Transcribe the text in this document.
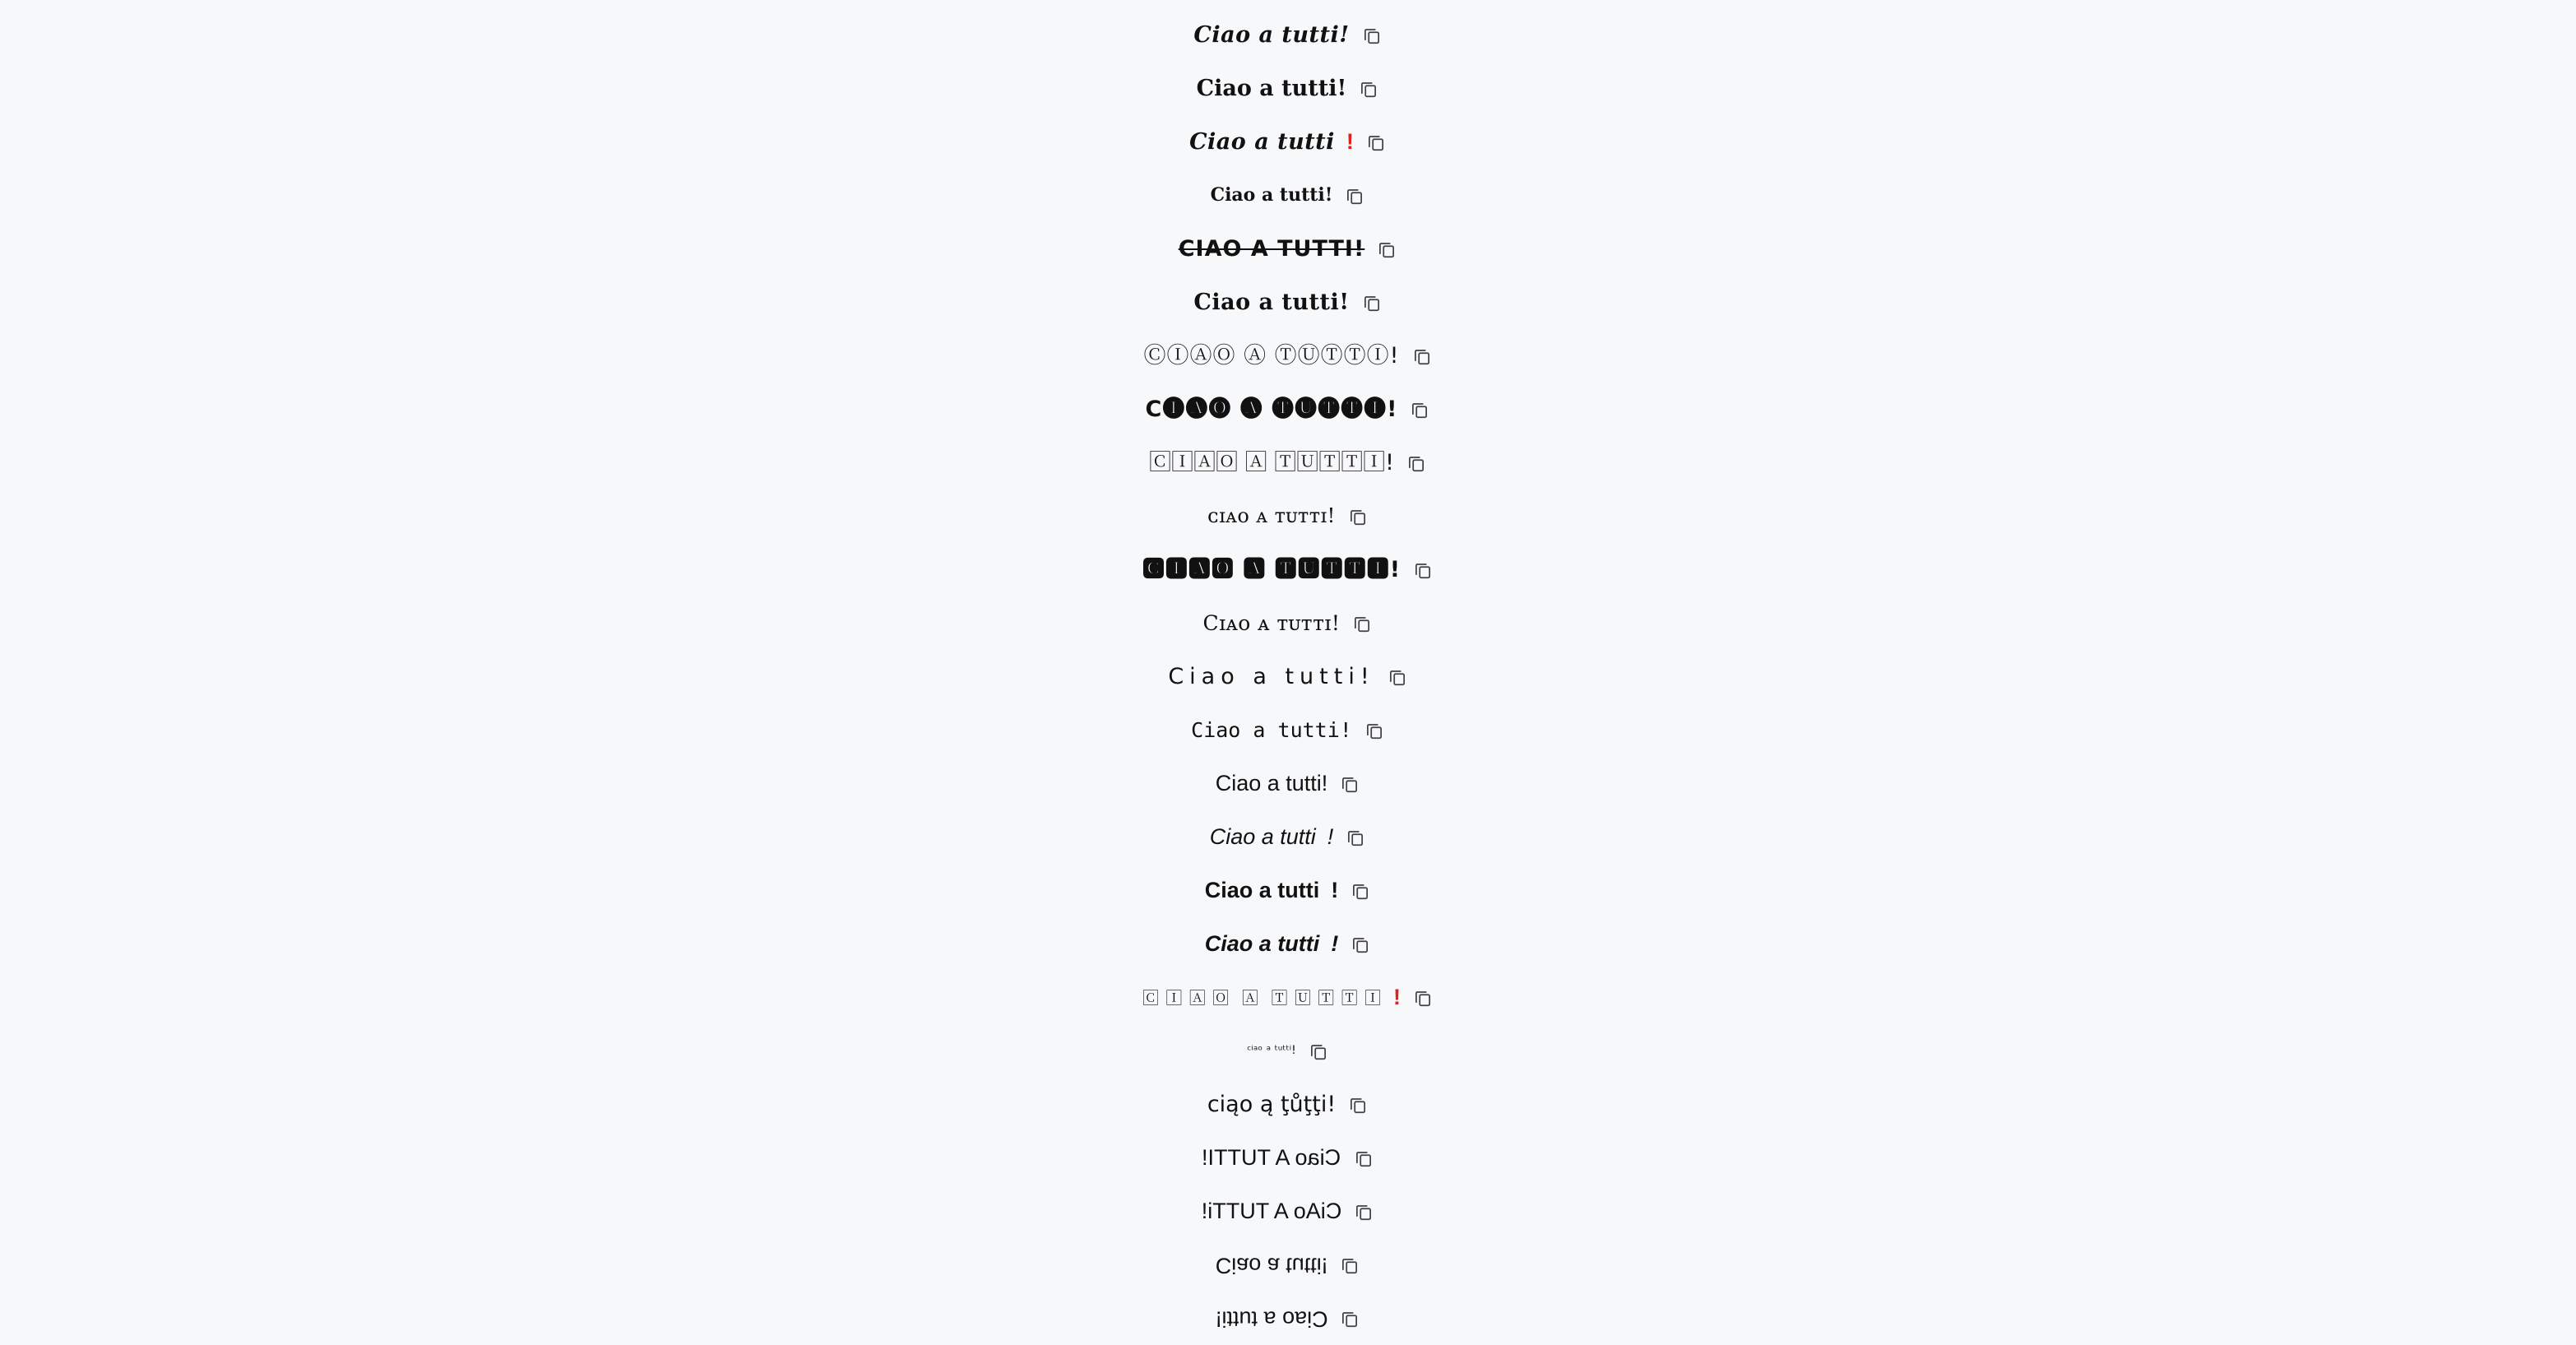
Ciao a tutti!
Ciao a tutti!
Ciao a tutti !
Ciao a tutti!
CIAO A TUTTI!
Ciao a tutti!
ⒸⒾⒶⓄ Ⓐ ⓉⓊⓉⓉⒾ!
C🅘🅐🅞 🅐 🅣🅤🅣🅣🅘!
🄲🄸🄰🄾 🄰 🅃🅄🅃🅃🄸!
ᴄɪᴀᴏ ᴀ ᴛᴜᴛᴛɪ!
🅲🅸🅰🅾 🅰 🆃🆄🆃🆃🅸!
Cɪᴀᴏ ᴀ ᴛᴜᴛᴛɪ!
Ciao a tutti!
Ciao a tutti!
Ciao a tutti!
Ciao a tutti !
Ciao a tutti !
Ciao a tutti !
🄲 🄸 🄰 🄾  🄰  🅃 🅄 🅃 🅃 🄸 !
ᶜⁱᵃᵒ ᵃ ᵗᵘᵗᵗⁱ!
ᴄiąo ą ţůţţi!
Ciao A TUTTI!
!iTTUT A oAiƆ
Ciao a tutti!
Ciao a tutti!
